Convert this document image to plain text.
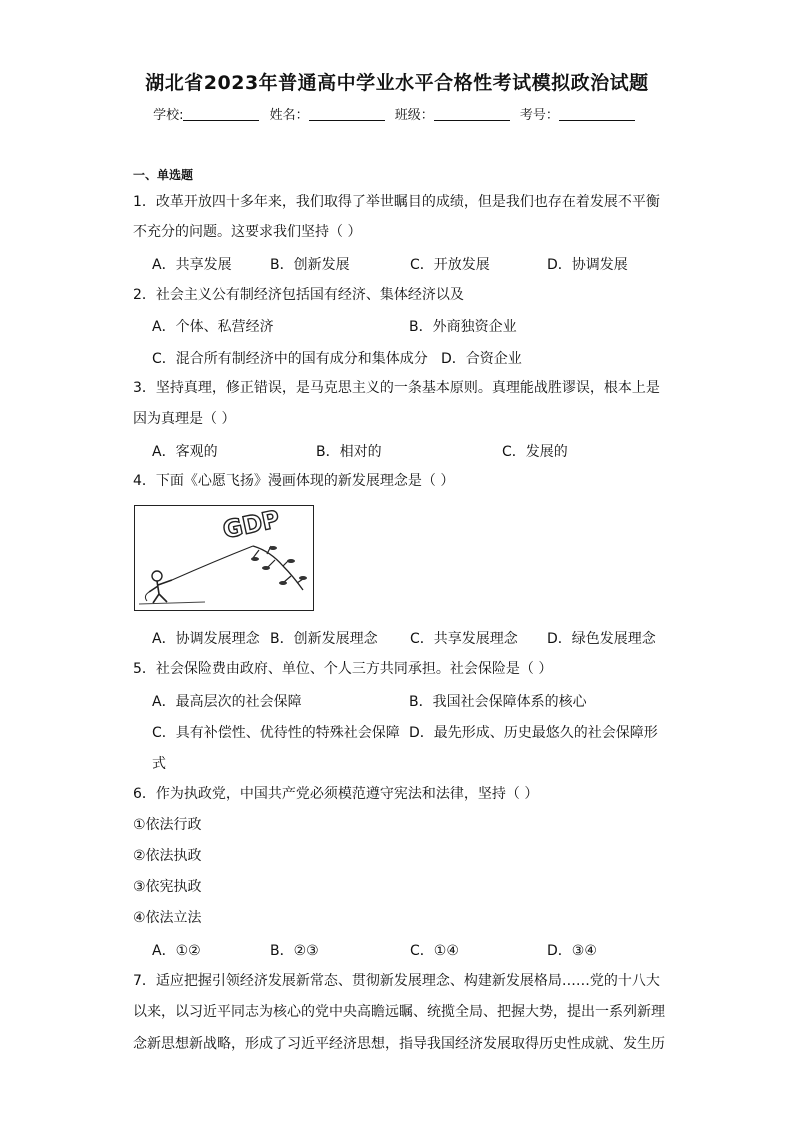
湖北省2023年普通高中学业水平合格性考试模拟政治试题
学校:	姓名：	班级：	考号：
一、单选题
1．改革开放四十多年来，我们取得了举世瞩目的成绩，但是我们也存在着发展不平衡
不充分的问题。这要求我们坚持（ ）
A．共享发展	B．创新发展	C．开放发展	D．协调发展
2．社会主义公有制经济包括国有经济、集体经济以及
A．个体、私营经济	B．外商独资企业
C．混合所有制经济中的国有成分和集体成分 D．合资企业
3．坚持真理，修正错误，是马克思主义的一条基本原则。真理能战胜谬误，根本上是
因为真理是（ ）
A．客观的	B．相对的	C．发展的
4．下面《心愿飞扬》漫画体现的新发展理念是（ ）
GDP
A．协调发展理念 B．创新发展理念 C．共享发展理念 D．绿色发展理念
5．社会保险费由政府、单位、个人三方共同承担。社会保险是（ ）
A．最高层次的社会保障	B．我国社会保障体系的核心
C．具有补偿性、优待性的特殊社会保障 D．最先形成、历史最悠久的社会保障形
式
6．作为执政党，中国共产党必须模范遵守宪法和法律，坚持（ ）
①依法行政
②依法执政
③依宪执政
④依法立法
A．①②	B．②③	C．①④	D．③④
7．适应把握引领经济发展新常态、贯彻新发展理念、构建新发展格局……党的十八大
以来，以习近平同志为核心的党中央高瞻远瞩、统揽全局、把握大势，提出一系列新理
念新思想新战略，形成了习近平经济思想，指导我国经济发展取得历史性成就、发生历
